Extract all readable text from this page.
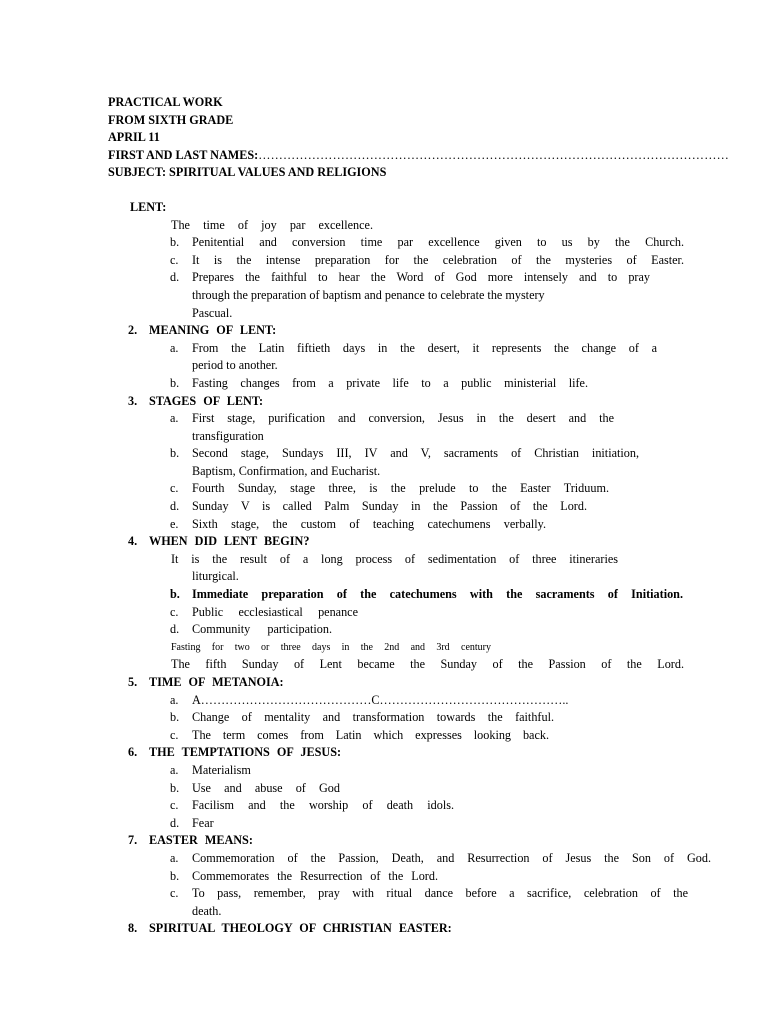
PRACTICAL WORK
FROM SIXTH GRADE
APRIL 11
FIRST AND LAST NAMES:……………………………………………………………………………………………………
SUBJECT: SPIRITUAL VALUES AND RELIGIONS
LENT:
The time of joy par excellence.
b.	Penitential and conversion time par excellence given to us by the Church.
c.	It is the intense preparation for the celebration of the mysteries of Easter.
d.	Prepares the faithful to hear the Word of God more intensely and to pray
through the preparation of baptism and penance to celebrate the mystery
Pascual.
2. MEANING OF LENT:
a.	From the Latin fiftieth days in the desert, it represents the change of a
period to another.
b.	Fasting changes from a private life to a public ministerial life.
3. STAGES OF LENT:
a.	First stage, purification and conversion, Jesus in the desert and the
transfiguration
b.	Second stage, Sundays III, IV and V, sacraments of Christian initiation,
Baptism, Confirmation, and Eucharist.
c.	Fourth Sunday, stage three, is the prelude to the Easter Triduum.
d.	Sunday V is called Palm Sunday in the Passion of the Lord.
e.	Sixth stage, the custom of teaching catechumens verbally.
4. WHEN DID LENT BEGIN?
It is the result of a long process of sedimentation of three itineraries
liturgical.
b. Immediate preparation of the catechumens with the sacraments of Initiation.
c.	Public ecclesiastical penance
d.	Community participation.
Fasting for two or three days in the 2nd and 3rd century
The fifth Sunday of Lent became the Sunday of the Passion of the Lord.
5. TIME OF METANOIA:
a.	A……………………………………C………………………………………..
b.	Change of mentality and transformation towards the faithful.
c.	The term comes from Latin which expresses looking back.
6. THE TEMPTATIONS OF JESUS:
a.	Materialism
b.	Use and abuse of God
c.	Facilism and the worship of death idols.
d.	Fear
7. EASTER MEANS:
a.	Commemoration of the Passion, Death, and Resurrection of Jesus the Son of God.
b.	Commemorates the Resurrection of the Lord.
c.	To pass, remember, pray with ritual dance before a sacrifice, celebration of the
death.
8. SPIRITUAL THEOLOGY OF CHRISTIAN EASTER:
